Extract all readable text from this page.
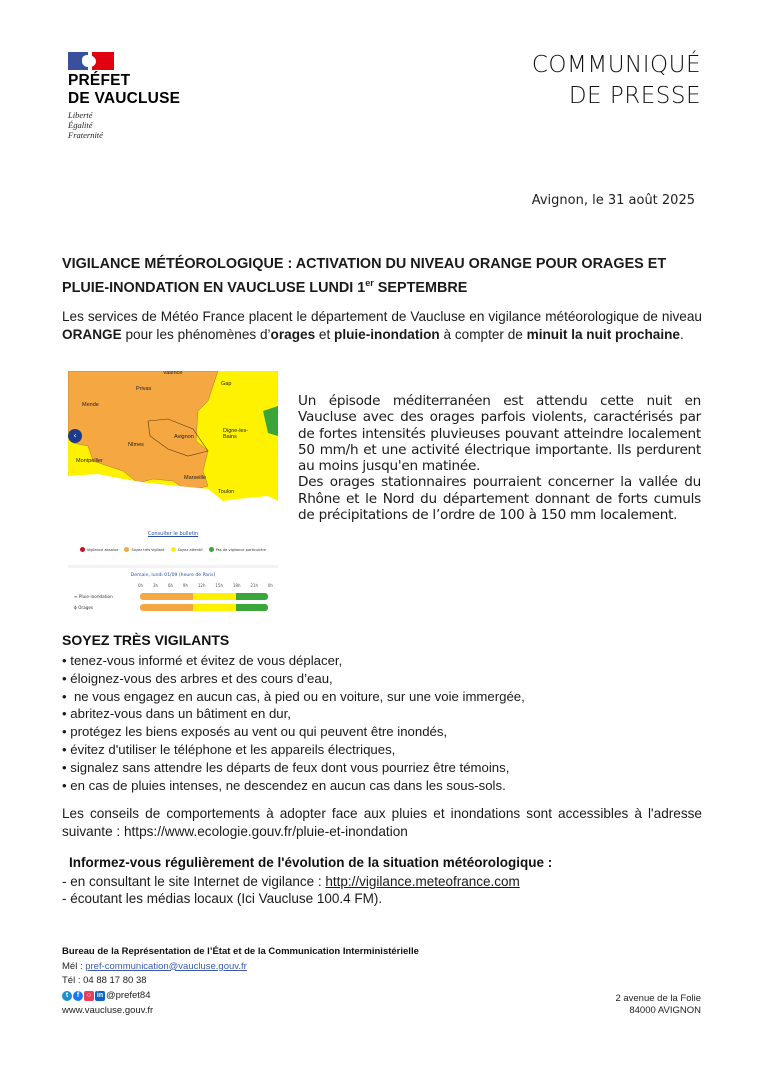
PRÉFET
DE VAUCLUSE
Liberté
Égalité
Fraternité
COMMUNIQUÉ
DE PRESSE
Avignon, le 31 août 2025
VIGILANCE MÉTÉOROLOGIQUE : ACTIVATION DU NIVEAU ORANGE POUR ORAGES ET PLUIE-INONDATION EN VAUCLUSE LUNDI 1er SEPTEMBRE
Les services de Météo France placent le département de Vaucluse en vigilance météorologique de niveau ORANGE pour les phénomènes d’orages et pluie-inondation à compter de minuit la nuit prochaine.
Valence
Privas
Gap
Mende
Avignon
Nîmes
Digne-les-Bains
Montpellier
Marseille
Toulon
‹
Consulter le bulletin
Vigilance absolue	Soyez très vigilant	Soyez attentif	Pas de vigilance particulière
Demain, lundi 01/09 (heure de Paris)
0h 3h 6h 9h 12h 15h 18h 21h 0h
≈ Pluie-inondation
ϕ Orages

Un épisode méditerranéen est attendu cette nuit en Vaucluse avec des orages parfois violents, caractérisés par de fortes intensités pluvieuses pouvant atteindre localement 50 mm/h et une activité électrique importante. Ils perdurent au moins jusqu'en matinée.

Des orages stationnaires pourraient concerner la vallée du Rhône et le Nord du département donnant de forts cumuls de précipitations de l’ordre de 100 à 150 mm localement.

SOYEZ TRÈS VIGILANTS
• tenez-vous informé et évitez de vous déplacer,
• éloignez-vous des arbres et des cours d’eau,
•  ne vous engagez en aucun cas, à pied ou en voiture, sur une voie immergée,
• abritez-vous dans un bâtiment en dur,
• protégez les biens exposés au vent ou qui peuvent être inondés,
• évitez d'utiliser le téléphone et les appareils électriques,
• signalez sans attendre les départs de feux dont vous pourriez être témoins,
• en cas de pluies intenses, ne descendez en aucun cas dans les sous-sols.
Les conseils de comportements à adopter face aux pluies et inondations sont accessibles à l'adresse suivante : https://www.ecologie.gouv.fr/pluie-et-inondation
Informez-vous régulièrement de l'évolution de la situation météorologique :
- en consultant le site Internet de vigilance : http://vigilance.meteofrance.com
- écoutant les médias locaux (Ici Vaucluse 100.4 FM).
Bureau de la Représentation de l’État et de la Communication Interministérielle
Mél : pref-communication@vaucluse.gouv.fr
Tél : 04 88 17 80 38
t	f	○ in @prefet84
www.vaucluse.gouv.fr
2 avenue de la Folie
84000 AVIGNON
